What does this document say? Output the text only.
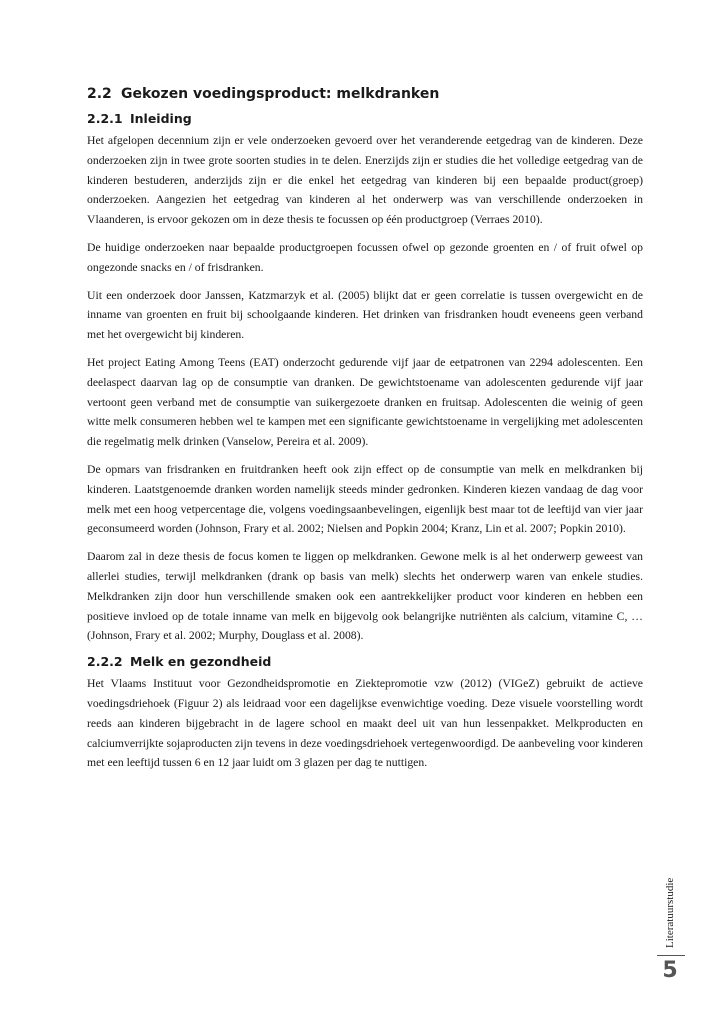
2.2 Gekozen voedingsproduct: melkdranken
2.2.1 Inleiding

Het afgelopen decennium zijn er vele onderzoeken gevoerd over het veranderende eetgedrag van de kinderen. Deze onderzoeken zijn in twee grote soorten studies in te delen. Enerzijds zijn er studies die het volledige eetgedrag van de kinderen bestuderen, anderzijds zijn er die enkel het eetgedrag van kinderen bij een bepaalde product(groep) onderzoeken. Aangezien het eetgedrag van kinderen al het onderwerp was van verschillende onderzoeken in Vlaanderen, is ervoor gekozen om in deze thesis te focussen op één productgroep (Verraes 2010).

De huidige onderzoeken naar bepaalde productgroepen focussen ofwel op gezonde groenten en / of fruit ofwel op ongezonde snacks en / of frisdranken.

Uit een onderzoek door Janssen, Katzmarzyk et al. (2005) blijkt dat er geen correlatie is tussen overgewicht en de inname van groenten en fruit bij schoolgaande kinderen. Het drinken van frisdranken houdt eveneens geen verband met het overgewicht bij kinderen.

Het project Eating Among Teens (EAT) onderzocht gedurende vijf jaar de eetpatronen van 2294 adolescenten. Een deelaspect daarvan lag op de consumptie van dranken. De gewichtstoename van adolescenten gedurende vijf jaar vertoont geen verband met de consumptie van suikergezoete dranken en fruitsap. Adolescenten die weinig of geen witte melk consumeren hebben wel te kampen met een significante gewichtstoename in vergelijking met adolescenten die regelmatig melk drinken (Vanselow, Pereira et al. 2009).

De opmars van frisdranken en fruitdranken heeft ook zijn effect op de consumptie van melk en melkdranken bij kinderen. Laatstgenoemde dranken worden namelijk steeds minder gedronken. Kinderen kiezen vandaag de dag voor melk met een hoog vetpercentage die, volgens voedingsaanbevelingen, eigenlijk best maar tot de leeftijd van vier jaar geconsumeerd worden (Johnson, Frary et al. 2002; Nielsen and Popkin 2004; Kranz, Lin et al. 2007; Popkin 2010).

Daarom zal in deze thesis de focus komen te liggen op melkdranken. Gewone melk is al het onderwerp geweest van allerlei studies, terwijl melkdranken (drank op basis van melk) slechts het onderwerp waren van enkele studies. Melkdranken zijn door hun verschillende smaken ook een aantrekkelijker product voor kinderen en hebben een positieve invloed op de totale inname van melk en bijgevolg ook belangrijke nutriënten als calcium, vitamine C, … (Johnson, Frary et al. 2002; Murphy, Douglass et al. 2008).

2.2.2 Melk en gezondheid

Het Vlaams Instituut voor Gezondheidspromotie en Ziektepromotie vzw (2012) (VIGeZ) gebruikt de actieve voedingsdriehoek (Figuur 2) als leidraad voor een dagelijkse evenwichtige voeding. Deze visuele voorstelling wordt reeds aan kinderen bijgebracht in de lagere school en maakt deel uit van hun lessenpakket. Melkproducten en calciumverrijkte sojaproducten zijn tevens in deze voedingsdriehoek vertegenwoordigd. De aanbeveling voor kinderen met een leeftijd tussen 6 en 12 jaar luidt om 3 glazen per dag te nuttigen.

Literatuurstudie
5
